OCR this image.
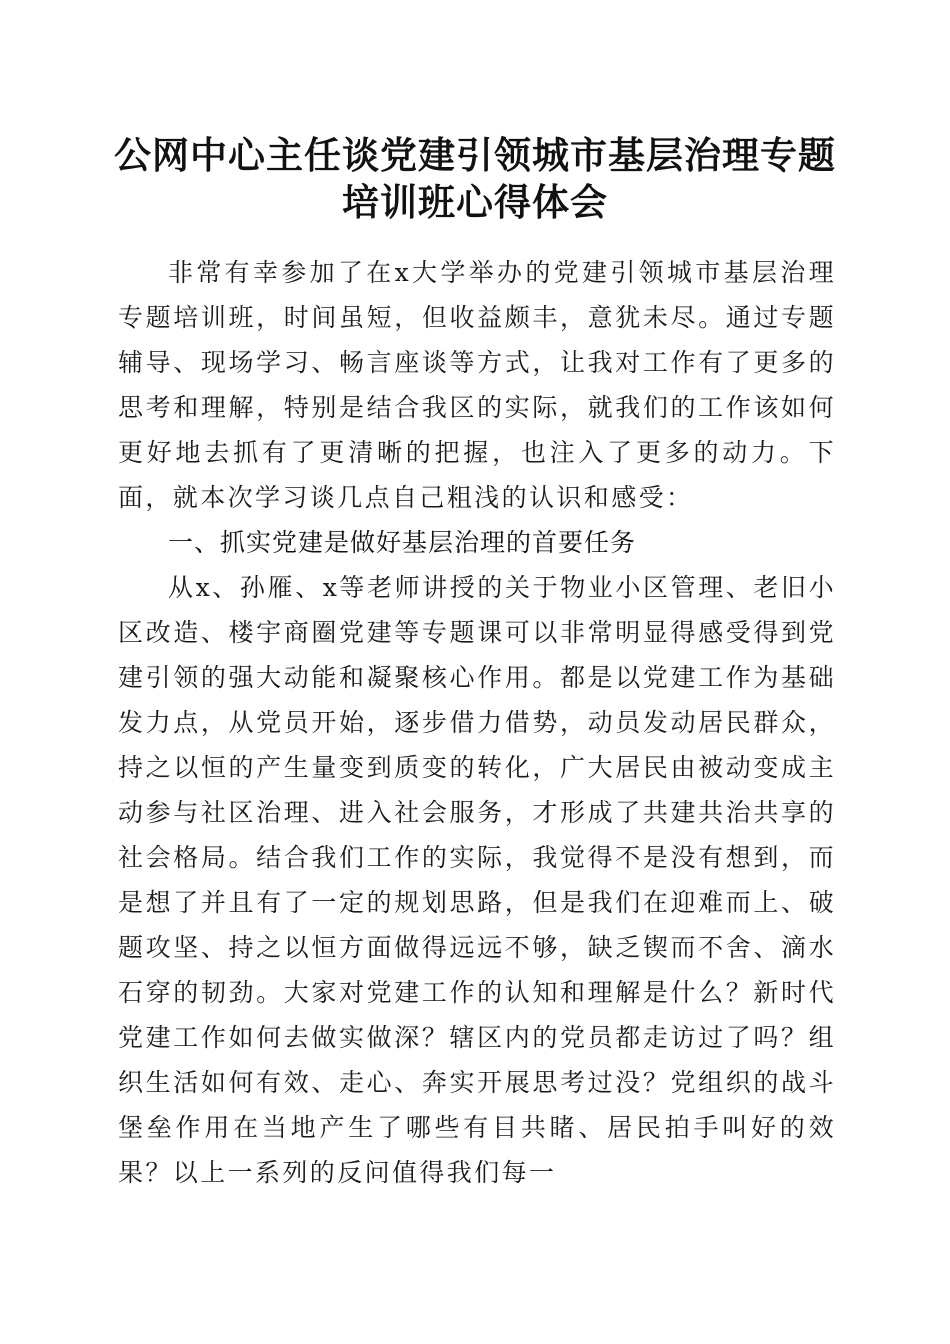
公网中心主任谈党建引领城市基层治理专题培训班心得体会

非常有幸参加了在x大学举办的党建引领城市基层治理专题培训班，时间虽短，但收益颇丰，意犹未尽。通过专题辅导、现场学习、畅言座谈等方式，让我对工作有了更多的思考和理解，特别是结合我区的实际，就我们的工作该如何更好地去抓有了更清晰的把握，也注入了更多的动力。下面，就本次学习谈几点自己粗浅的认识和感受：

一、抓实党建是做好基层治理的首要任务

从x、孙雁、x等老师讲授的关于物业小区管理、老旧小区改造、楼宇商圈党建等专题课可以非常明显得感受得到党建引领的强大动能和凝聚核心作用。都是以党建工作为基础发力点，从党员开始，逐步借力借势，动员发动居民群众，持之以恒的产生量变到质变的转化，广大居民由被动变成主动参与社区治理、进入社会服务，才形成了共建共治共享的社会格局。结合我们工作的实际，我觉得不是没有想到，而是想了并且有了一定的规划思路，但是我们在迎难而上、破题攻坚、持之以恒方面做得远远不够，缺乏锲而不舍、滴水石穿的韧劲。大家对党建工作的认知和理解是什么？新时代党建工作如何去做实做深？辖区内的党员都走访过了吗？组织生活如何有效、走心、奔实开展思考过没？党组织的战斗堡垒作用在当地产生了哪些有目共睹、居民拍手叫好的效果？以上一系列的反问值得我们每一
